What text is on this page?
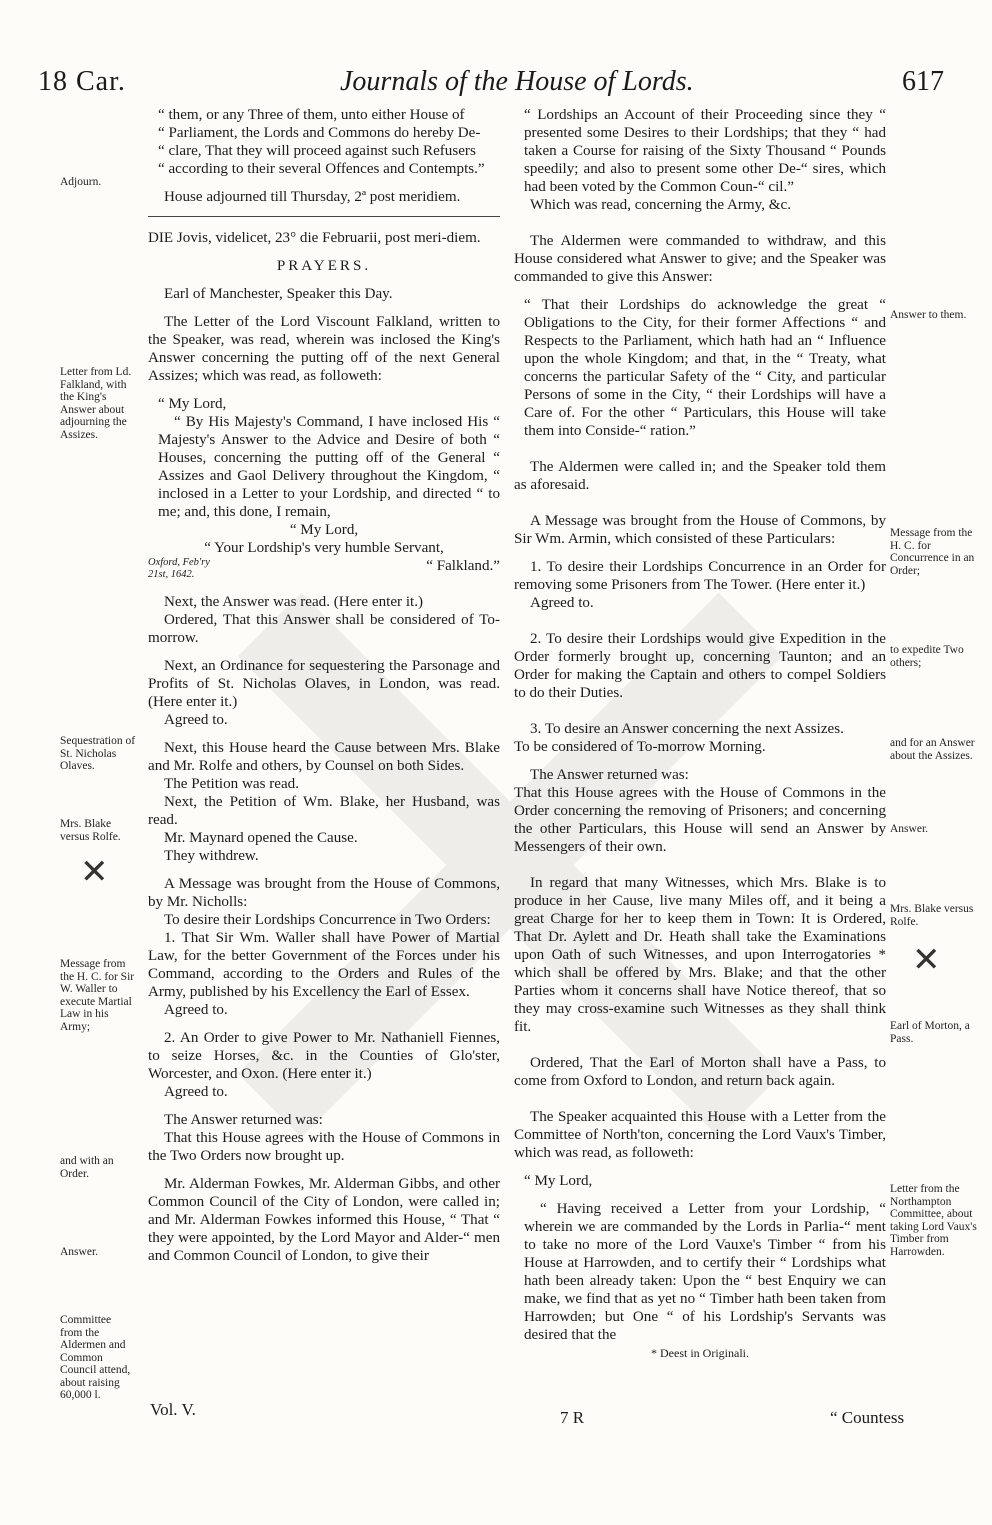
18 Car.	Journals of the House of Lords.	617

“ them, or any Three of them, unto either House of

“ Parliament, the Lords and Commons do hereby De-

“ clare, That they will proceed against such Refusers

“ according to their several Offences and Contempts.”

House adjourned till Thursday, 2ª post meridiem.

DIE Jovis, videlicet, 23° die Februarii, post meri-diem.

PRAYERS.

Earl of Manchester, Speaker this Day.

The Letter of the Lord Viscount Falkland, written to the Speaker, was read, wherein was inclosed the King's Answer concerning the putting off of the next General Assizes; which was read, as followeth:

“ My Lord,

“ By His Majesty's Command, I have inclosed His “ Majesty's Answer to the Advice and Desire of both “ Houses, concerning the putting off of the General “ Assizes and Gaol Delivery throughout the Kingdom, “ inclosed in a Letter to your Lordship, and directed “ to me; and, this done, I remain,

“ My Lord,

“ Your Lordship's very humble Servant,

Oxford, Feb'ry 21st, 1642.
“ Falkland.”

Next, the Answer was read. (Here enter it.)

Ordered, That this Answer shall be considered of To-morrow.

Next, an Ordinance for sequestering the Parsonage and Profits of St. Nicholas Olaves, in London, was read. (Here enter it.)

Agreed to.

Next, this House heard the Cause between Mrs. Blake and Mr. Rolfe and others, by Counsel on both Sides.

The Petition was read.

Next, the Petition of Wm. Blake, her Husband, was read.

Mr. Maynard opened the Cause.

They withdrew.

A Message was brought from the House of Commons, by Mr. Nicholls:

To desire their Lordships Concurrence in Two Orders:

1. That Sir Wm. Waller shall have Power of Martial Law, for the better Government of the Forces under his Command, according to the Orders and Rules of the Army, published by his Excellency the Earl of Essex.

Agreed to.

2. An Order to give Power to Mr. Nathaniell Fiennes, to seize Horses, &c. in the Counties of Glo'ster, Worcester, and Oxon. (Here enter it.)

Agreed to.

The Answer returned was:

That this House agrees with the House of Commons in the Two Orders now brought up.

Mr. Alderman Fowkes, Mr. Alderman Gibbs, and other Common Council of the City of London, were called in; and Mr. Alderman Fowkes informed this House, “ That “ they were appointed, by the Lord Mayor and Alder-“ men and Common Council of London, to give their

“ Lordships an Account of their Proceeding since they “ presented some Desires to their Lordships; that they “ had taken a Course for raising of the Sixty Thousand “ Pounds speedily; and also to present some other De-“ sires, which had been voted by the Common Coun-“ cil.”

Which was read, concerning the Army, &c.

The Aldermen were commanded to withdraw, and this House considered what Answer to give; and the Speaker was commanded to give this Answer:

“ That their Lordships do acknowledge the great “ Obligations to the City, for their former Affections “ and Respects to the Parliament, which hath had an “ Influence upon the whole Kingdom; and that, in the “ Treaty, what concerns the particular Safety of the “ City, and particular Persons of some in the City, “ their Lordships will have a Care of. For the other “ Particulars, this House will take them into Conside-“ ration.”

The Aldermen were called in; and the Speaker told them as aforesaid.

A Message was brought from the House of Commons, by Sir Wm. Armin, which consisted of these Particulars:

1. To desire their Lordships Concurrence in an Order for removing some Prisoners from The Tower. (Here enter it.)

Agreed to.

2. To desire their Lordships would give Expedition in the Order formerly brought up, concerning Taunton; and an Order for making the Captain and others to compel Soldiers to do their Duties.

3. To desire an Answer concerning the next Assizes.

To be considered of To-morrow Morning.

The Answer returned was:

That this House agrees with the House of Commons in the Order concerning the removing of Prisoners; and concerning the other Particulars, this House will send an Answer by Messengers of their own.

In regard that many Witnesses, which Mrs. Blake is to produce in her Cause, live many Miles off, and it being a great Charge for her to keep them in Town: It is Ordered, That Dr. Aylett and Dr. Heath shall take the Examinations upon Oath of such Witnesses, and upon Interrogatories * which shall be offered by Mrs. Blake; and that the other Parties whom it concerns shall have Notice thereof, that so they may cross-examine such Witnesses as they shall think fit.

Ordered, That the Earl of Morton shall have a Pass, to come from Oxford to London, and return back again.

The Speaker acquainted this House with a Letter from the Committee of North'ton, concerning the Lord Vaux's Timber, which was read, as followeth:

“ My Lord,

“ Having received a Letter from your Lordship, “ wherein we are commanded by the Lords in Parlia-“ ment to take no more of the Lord Vauxe's Timber “ from his House at Harrowden, and to certify their “ Lordships what hath been already taken: Upon the “ best Enquiry we can make, we find that as yet no “ Timber hath been taken from Harrowden; but One “ of his Lordship's Servants was desired that the

* Deest in Originali.

Adjourn.
Letter from Ld. Falkland, with the King's Answer about adjourning the Assizes.
Sequestration of St. Nicholas Olaves.
Mrs. Blake versus Rolfe.
✕
Message from the H. C. for Sir W. Waller to execute Martial Law in his Army;
and with an Order.
Answer.
Committee from the Aldermen and Common Council attend, about raising 60,000 l.
Answer to them.
Message from the H. C. for Concurrence in an Order;
to expedite Two others;
and for an Answer about the Assizes.
Answer.
Mrs. Blake versus Rolfe.
✕
Earl of Morton, a Pass.
Letter from the Northampton Committee, about taking Lord Vaux's Timber from Harrowden.
Vol. V.	7 R	“ Countess
